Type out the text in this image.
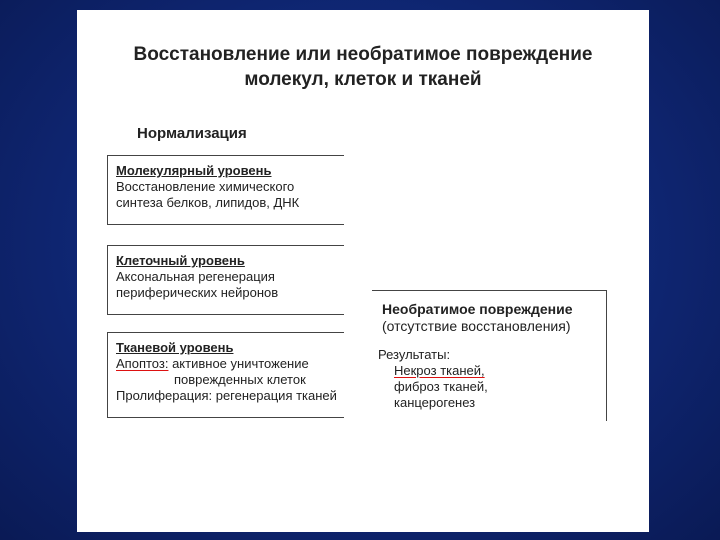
Восстановление или необратимое повреждение
молекул, клеток и тканей
Нормализация
Молекулярный уровень
Восстановление химического
синтеза белков, липидов, ДНК
Клеточный уровень
Аксональная регенерация
периферических нейронов
Тканевой уровень
Апоптоз: активное уничтожение
поврежденных клеток
Пролиферация: регенерация тканей
Необратимое повреждение
(отсутствие восстановления)
Результаты:
Некроз тканей,
фиброз тканей,
канцерогенез
